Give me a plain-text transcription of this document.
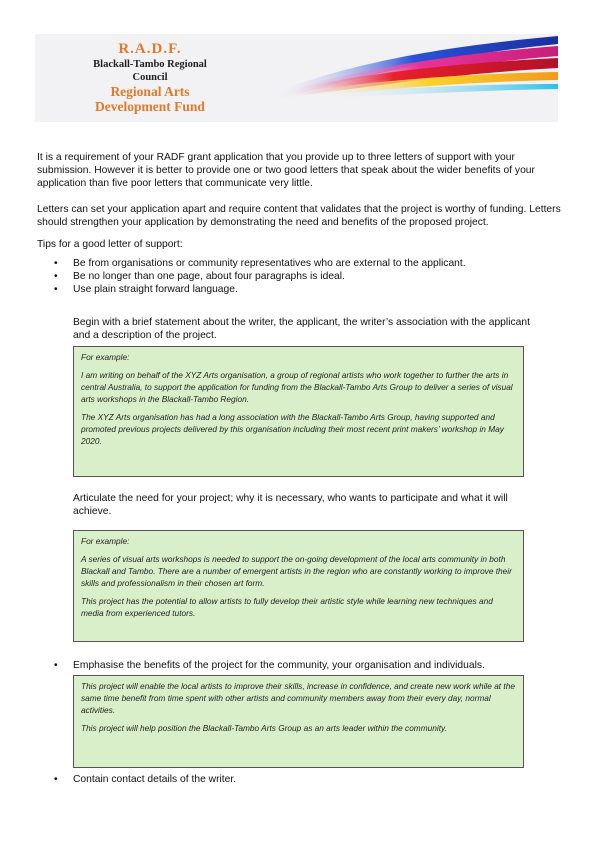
R.A.D.F.
Blackall-Tambo Regional
Council
Regional Arts
Development Fund

It is a requirement of your RADF grant application that you provide up to three letters of support with your submission. However it is better to provide one or two good letters that speak about the wider benefits of your application than five poor letters that communicate very little.

Letters can set your application apart and require content that validates that the project is worthy of funding. Letters should strengthen your application by demonstrating the need and benefits of the proposed project.

Tips for a good letter of support:

• Be from organisations or community representatives who are external to the applicant.
• Be no longer than one page, about four paragraphs is ideal.
• Use plain straight forward language.

Begin with a brief statement about the writer, the applicant, the writer’s association with the applicant and a description of the project.

For example:

I am writing on behalf of the XYZ Arts organisation, a group of regional artists who work together to further the arts in central Australia, to support the application for funding from the Blackall-Tambo Arts Group to deliver a series of visual arts workshops in the Blackall-Tambo Region.

The XYZ Arts organisation has had a long association with the Blackall-Tambo Arts Group, having supported and promoted previous projects delivered by this organisation including their most recent print makers’ workshop in May 2020.

Articulate the need for your project; why it is necessary, who wants to participate and what it will achieve.

For example:

A series of visual arts workshops is needed to support the on-going development of the local arts community in both Blackall and Tambo. There are a number of emergent artists in the region who are constantly working to improve their skills and professionalism in their chosen art form.

This project has the potential to allow artists to fully develop their artistic style while learning new techniques and media from experienced tutors.

• Emphasise the benefits of the project for the community, your organisation and individuals.

This project will enable the local artists to improve their skills, increase in confidence, and create new work while at the same time benefit from time spent with other artists and community members away from their every day, normal activities.

This project will help position the Blackall-Tambo Arts Group as an arts leader within the community.

• Contain contact details of the writer.
